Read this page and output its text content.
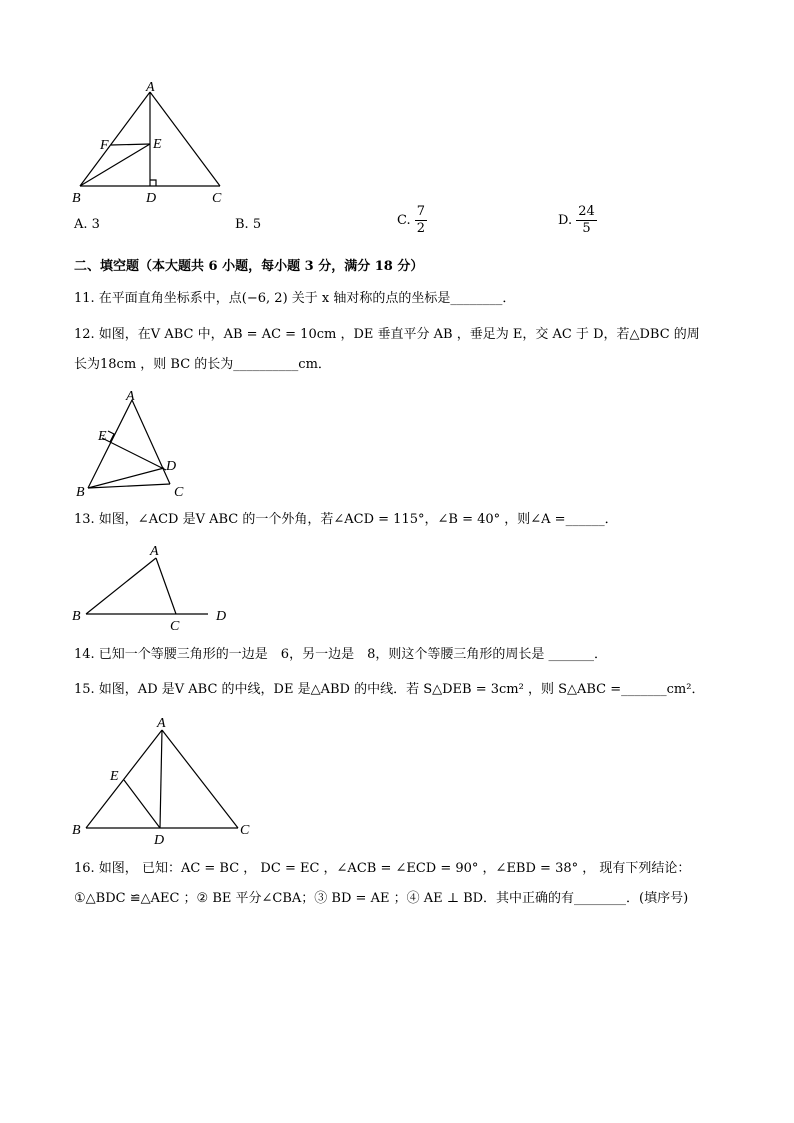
A
F	E
B	D	C
A. 3	B. 5	C. $\frac{7}{2}$	D. $\frac{24}{5}$
二、填空题（本大题共 6 小题，每小题 3 分，满分 18 分）
11. 在平面直角坐标系中，点(−6, 2) 关于 x 轴对称的点的坐标是________．
12. 如图，在V ABC 中，AB = AC = 10cm ，DE 垂直平分 AB ，垂足为 E，交 AC 于 D，若△DBC 的周
长为18cm ，则 BC 的长为__________cm．
A
E
D
B	C
13. 如图，∠ACD 是V ABC 的一个外角，若∠ACD = 115°，∠B = 40° ，则∠A =______．
A
B
C
D
14. 已知一个等腰三角形的一边是　6，另一边是　8，则这个等腰三角形的周长是 _______．
15. 如图，AD 是V ABC 的中线，DE 是△ABD 的中线．若 S△DEB = 3cm² ，则 S△ABC =_______cm²．
A
E
B
D
C
16. 如图， 已知：AC = BC ， DC = EC ，∠ACB = ∠ECD = 90° ，∠EBD = 38° ， 现有下列结论：
①△BDC ≌△AEC ；② BE 平分∠CBA；③ BD = AE ；④ AE ⊥ BD．其中正确的有________．(填序号)
